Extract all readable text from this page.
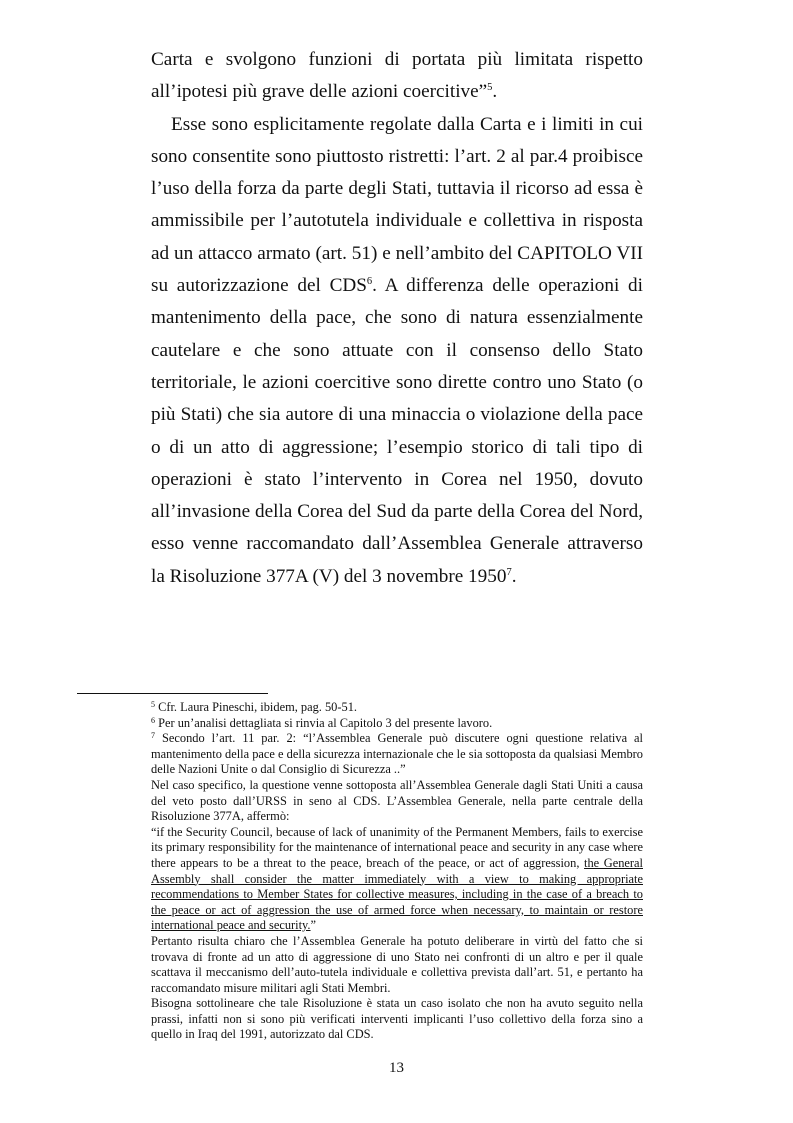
Carta e svolgono funzioni di portata più limitata rispetto all’ipotesi più grave delle azioni coercitive”$^5$.

Esse sono esplicitamente regolate dalla Carta e i limiti in cui sono consentite sono piuttosto ristretti: l’art. 2 al par.4 proibisce l’uso della forza da parte degli Stati, tuttavia il ricorso ad essa è ammissibile per l’autotutela individuale e collettiva in risposta ad un attacco armato (art. 51) e nell’ambito del CAPITOLO VII su autorizzazione del CDS$^6$. A differenza delle operazioni di mantenimento della pace, che sono di natura essenzialmente cautelare e che sono attuate con il consenso dello Stato territoriale, le azioni coercitive sono dirette contro uno Stato (o più Stati) che sia autore di una minaccia o violazione della pace o di un atto di aggressione; l’esempio storico di tali tipo di operazioni è stato l’intervento in Corea nel 1950, dovuto all’invasione della Corea del Sud da parte della Corea del Nord, esso venne raccomandato dall’Assemblea Generale attraverso la Risoluzione 377A (V) del 3 novembre 1950$^7$.

$^5$ Cfr. Laura Pineschi, ibidem, pag. 50-51.

$^6$ Per un’analisi dettagliata si rinvia al Capitolo 3 del presente lavoro.

$^7$ Secondo l’art. 11 par. 2: “l’Assemblea Generale può discutere ogni questione relativa al mantenimento della pace e della sicurezza internazionale che le sia sottoposta da qualsiasi Membro delle Nazioni Unite o dal Consiglio di Sicurezza ..”

Nel caso specifico, la questione venne sottoposta all’Assemblea Generale dagli Stati Uniti a causa del veto posto dall’URSS in seno al CDS. L’Assemblea Generale, nella parte centrale della Risoluzione 377A, affermò:

“if the Security Council, because of lack of unanimity of the Permanent Members, fails to exercise its primary responsibility for the maintenance of international peace and security in any case where there appears to be a threat to the peace, breach of the peace, or act of aggression, the General Assembly shall consider the matter immediately with a view to making appropriate recommendations to Member States for collective measures, including in the case of a breach to the peace or act of aggression the use of armed force when necessary, to maintain or restore international peace and security.”

Pertanto risulta chiaro che l’Assemblea Generale ha potuto deliberare in virtù del fatto che si trovava di fronte ad un atto di aggressione di uno Stato nei confronti di un altro e per il quale scattava il meccanismo dell’auto-tutela individuale e collettiva prevista dall’art. 51, e pertanto ha raccomandato misure militari agli Stati Membri.

Bisogna sottolineare che tale Risoluzione è stata un caso isolato che non ha avuto seguito nella prassi, infatti non si sono più verificati interventi implicanti l’uso collettivo della forza sino a quello in Iraq del 1991, autorizzato dal CDS.

13
